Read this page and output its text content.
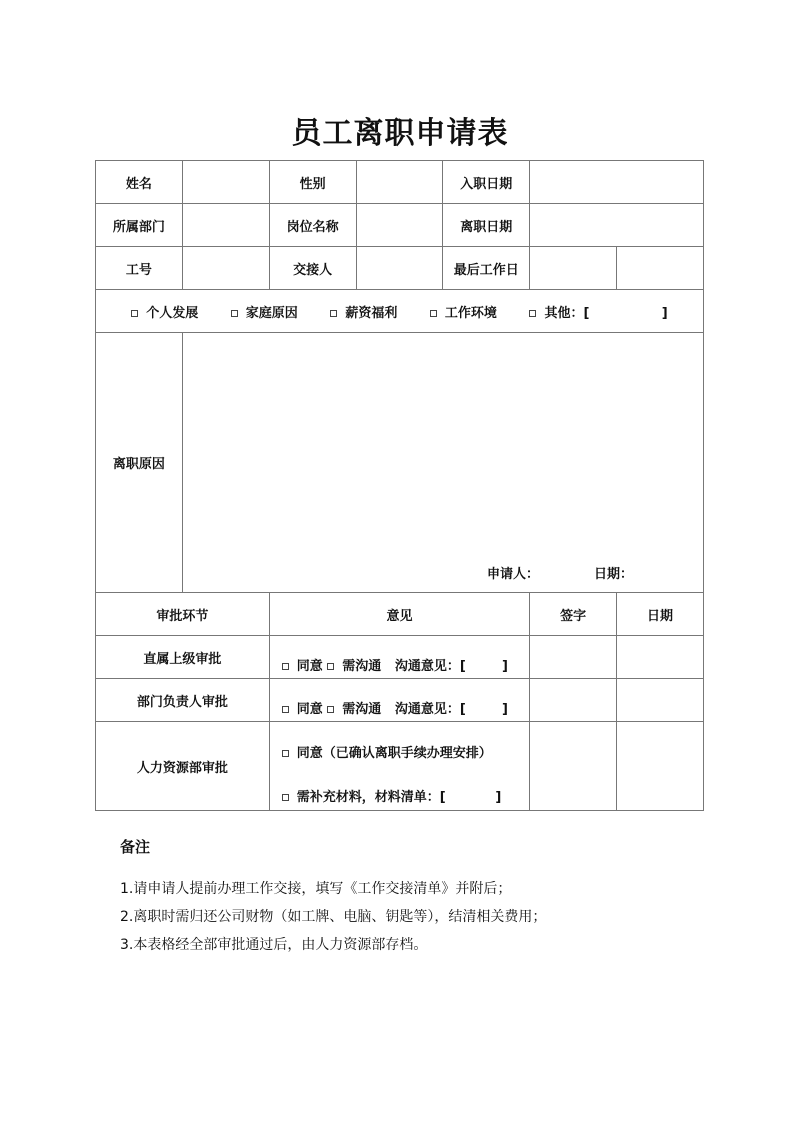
员工离职申请表
姓名		性别		入职日期		
所属部门		岗位名称		离职日期		
工号		交接人		最后工作日		
个人发展 家庭原因 薪资福利 工作环境 其他：[                ]						
离职原因	申请人： 日期：					

审批环节		意见			签字	日期
直属上级审批		同意 需沟通 沟通意见：[        ]				
部门负责人审批		同意 需沟通 沟通意见：[        ]				
人力资源部审批		同意（已确认离职手续办理安排）

需补充材料，材料清单：[           ]				

备注

1.请申请人提前办理工作交接，填写《工作交接清单》并附后；

2.离职时需归还公司财物（如工牌、电脑、钥匙等），结清相关费用；

3.本表格经全部审批通过后，由人力资源部存档。
